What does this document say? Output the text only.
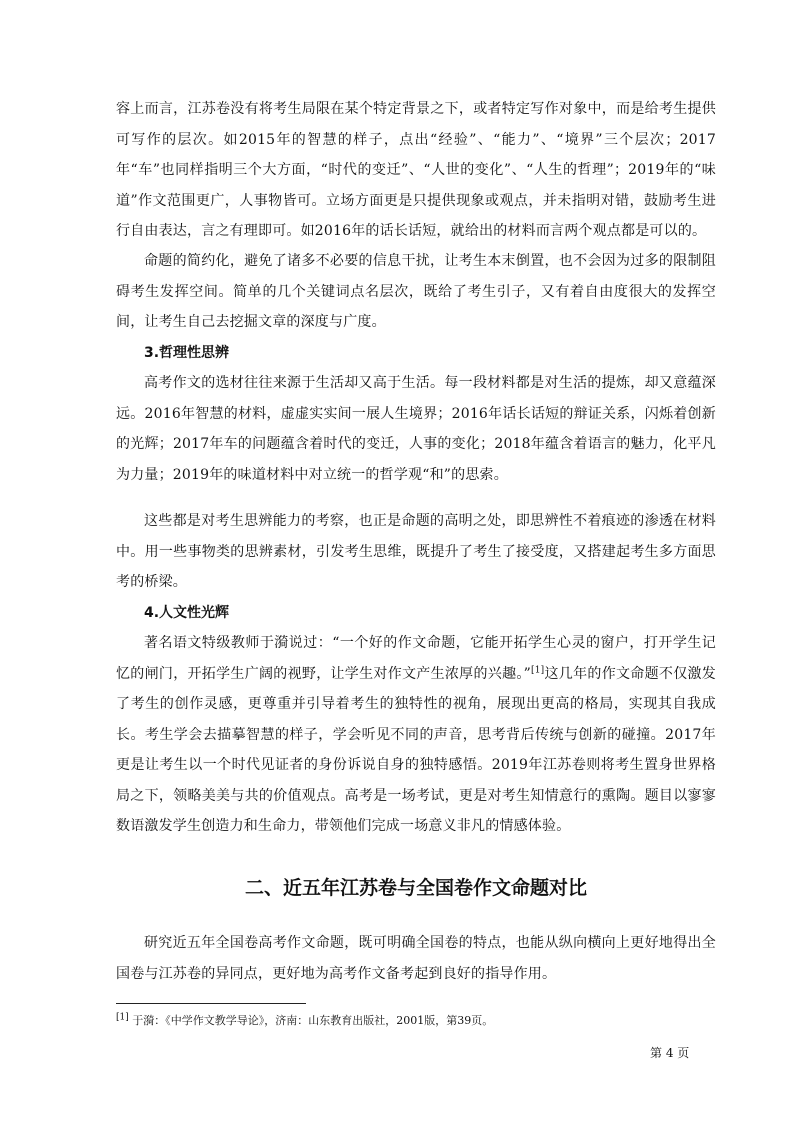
容上而言，江苏卷没有将考生局限在某个特定背景之下，或者特定写作对象中，而是给考生提供可写作的层次。如2015年的智慧的样子，点出“经验”、“能力”、“境界”三个层次；2017年“车”也同样指明三个大方面，“时代的变迁”、“人世的变化”、“人生的哲理”；2019年的“味道”作文范围更广，人事物皆可。立场方面更是只提供现象或观点，并未指明对错，鼓励考生进行自由表达，言之有理即可。如2016年的话长话短，就给出的材料而言两个观点都是可以的。

命题的简约化，避免了诸多不必要的信息干扰，让考生本末倒置，也不会因为过多的限制阻碍考生发挥空间。简单的几个关键词点名层次，既给了考生引子，又有着自由度很大的发挥空间，让考生自己去挖掘文章的深度与广度。

3.哲理性思辨

高考作文的选材往往来源于生活却又高于生活。每一段材料都是对生活的提炼，却又意蕴深远。2016年智慧的材料，虚虚实实间一展人生境界；2016年话长话短的辩证关系，闪烁着创新的光辉；2017年车的问题蕴含着时代的变迁，人事的变化；2018年蕴含着语言的魅力，化平凡为力量；2019年的味道材料中对立统一的哲学观“和”的思索。

这些都是对考生思辨能力的考察，也正是命题的高明之处，即思辨性不着痕迹的渗透在材料中。用一些事物类的思辨素材，引发考生思维，既提升了考生了接受度，又搭建起考生多方面思考的桥梁。

4.人文性光辉

著名语文特级教师于漪说过：“一个好的作文命题，它能开拓学生心灵的窗户，打开学生记忆的闸门，开拓学生广阔的视野，让学生对作文产生浓厚的兴趣。”[1]这几年的作文命题不仅激发了考生的创作灵感，更尊重并引导着考生的独特性的视角，展现出更高的格局，实现其自我成长。考生学会去描摹智慧的样子，学会听见不同的声音，思考背后传统与创新的碰撞。2017年更是让考生以一个时代见证者的身份诉说自身的独特感悟。2019年江苏卷则将考生置身世界格局之下，领略美美与共的价值观点。高考是一场考试，更是对考生知情意行的熏陶。题目以寥寥数语激发学生创造力和生命力，带领他们完成一场意义非凡的情感体验。

二、近五年江苏卷与全国卷作文命题对比

研究近五年全国卷高考作文命题，既可明确全国卷的特点，也能从纵向横向上更好地得出全国卷与江苏卷的异同点，更好地为高考作文备考起到良好的指导作用。

[1] 于漪：《中学作文教学导论》，济南：山东教育出版社，2001版，第39页。

第 4 页
